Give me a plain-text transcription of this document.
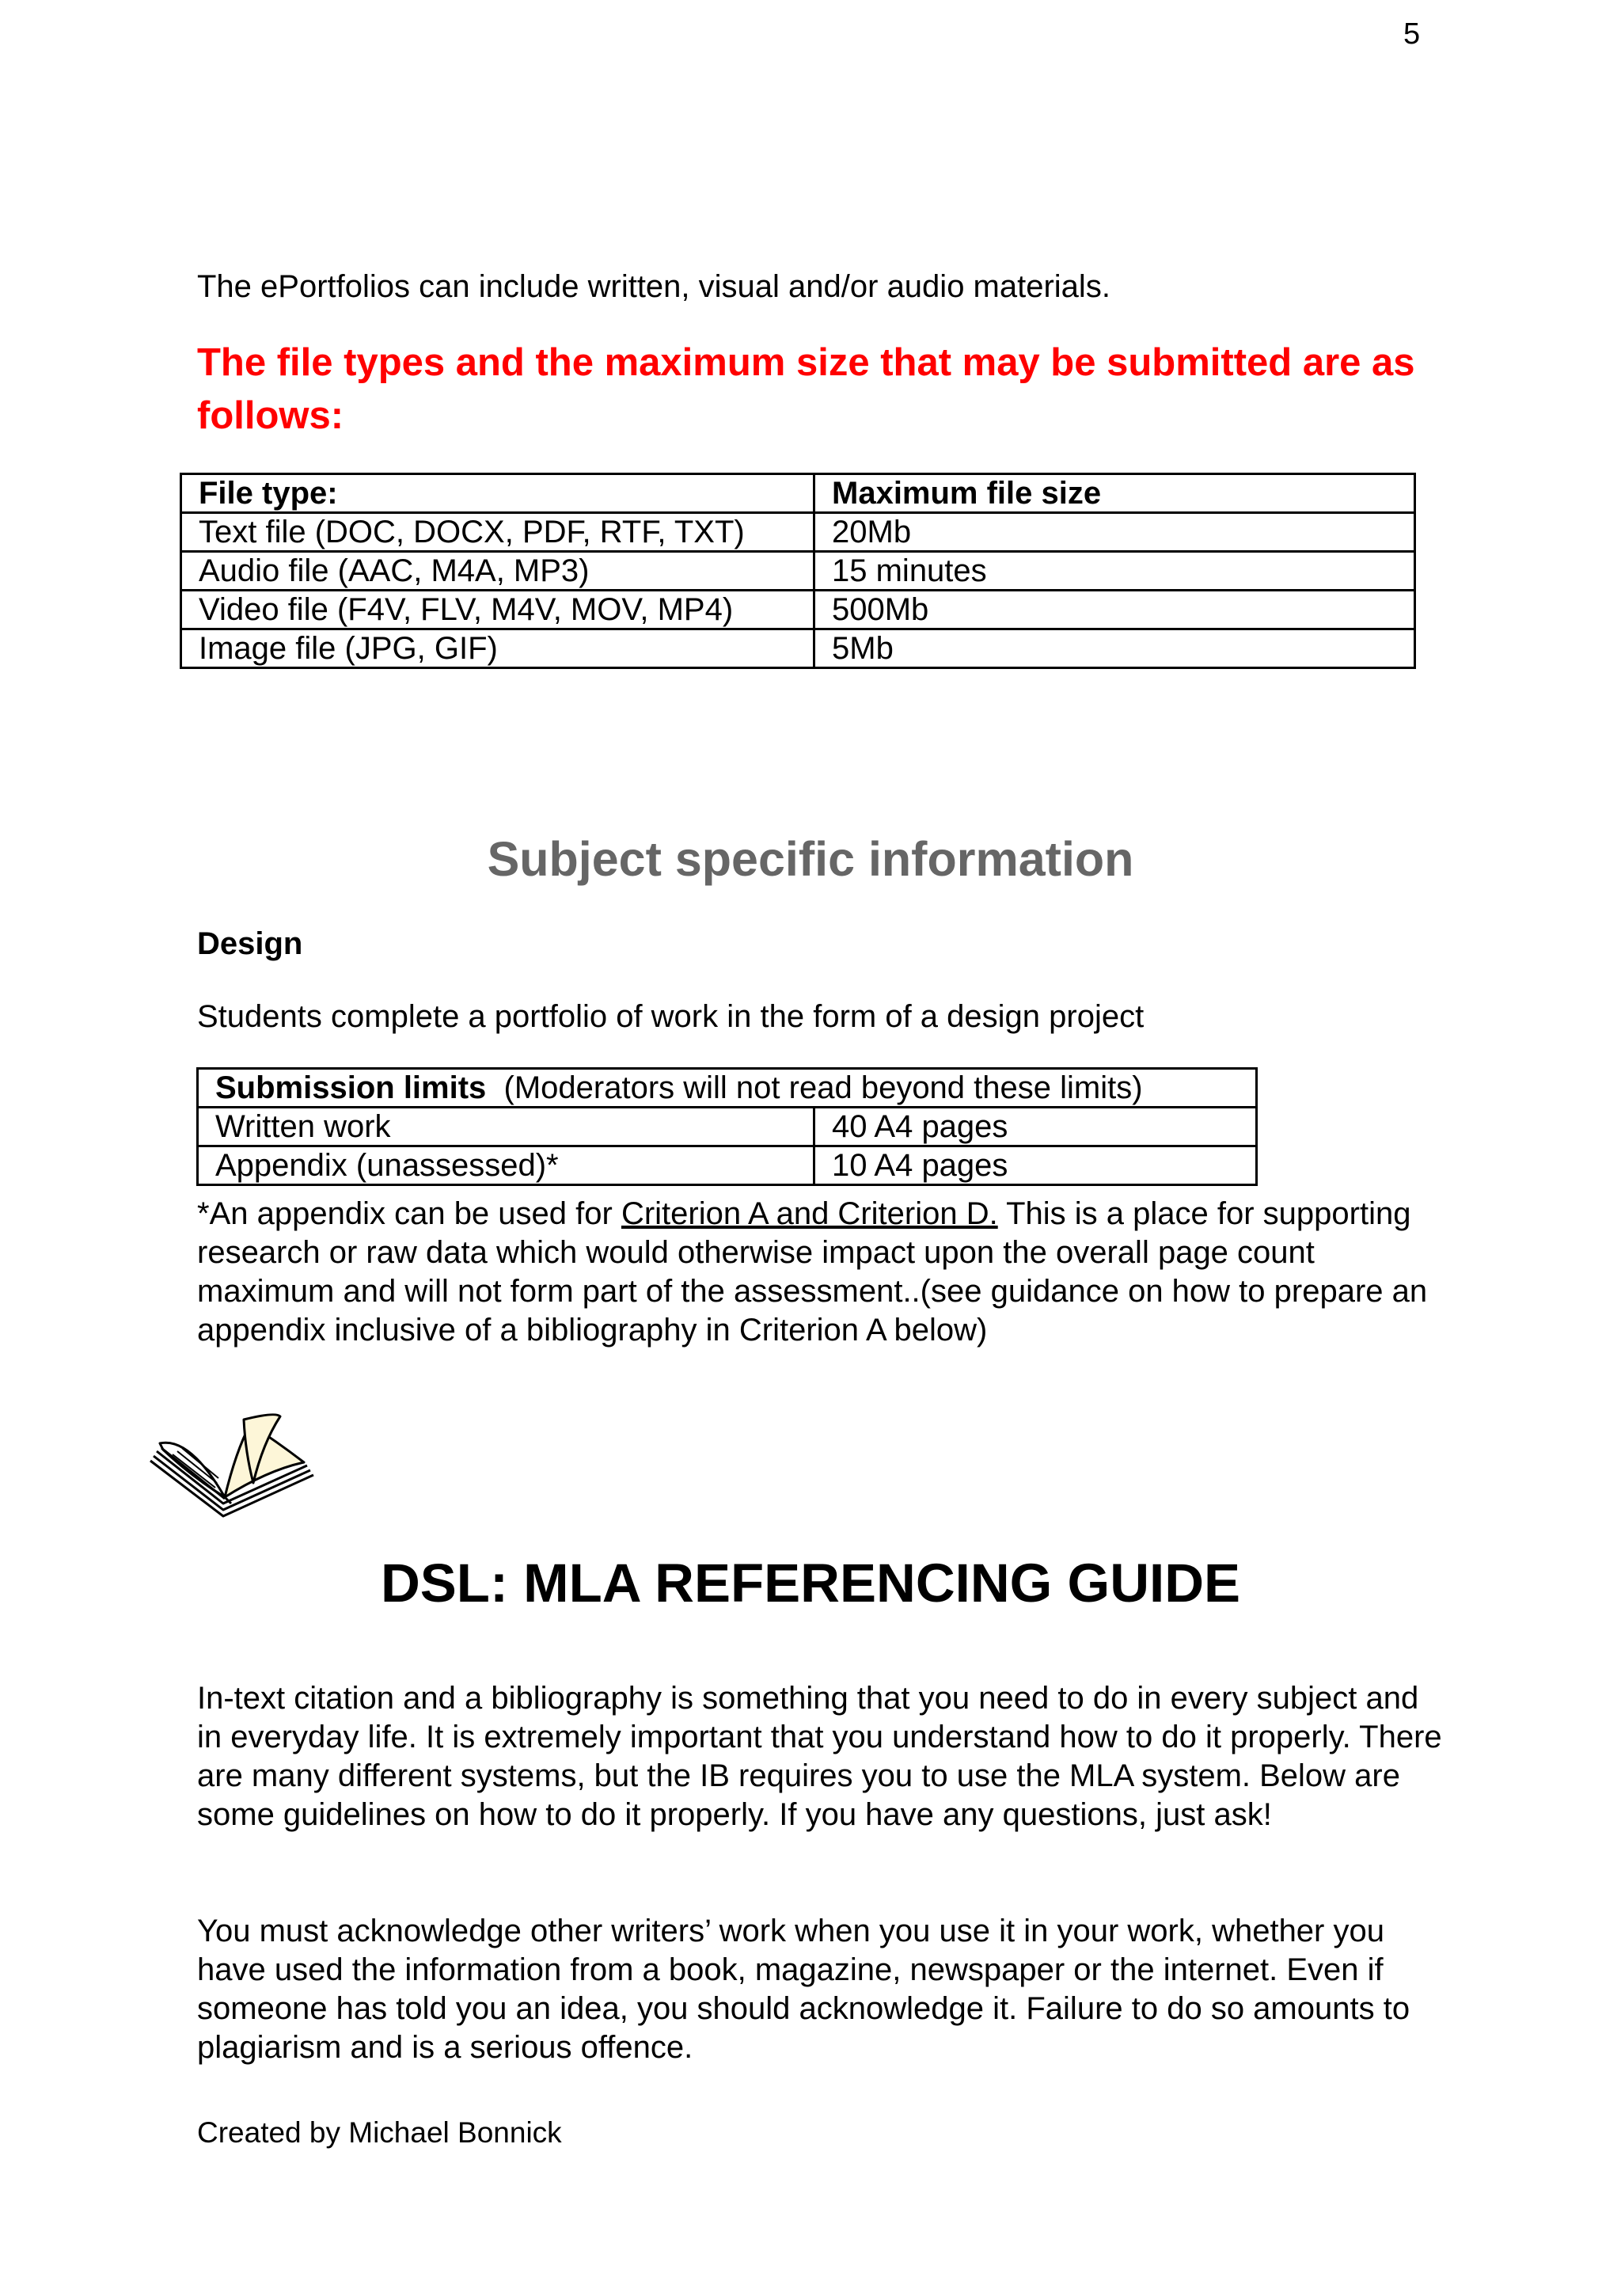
5
The ePortfolios can include written, visual and/or audio materials.
The file types and the maximum size that may be submitted are as follows:
File type:	Maximum file size
Text file (DOC, DOCX, PDF, RTF, TXT)	20Mb
Audio file (AAC, M4A, MP3)	15 minutes
Video file (F4V, FLV, M4V, MOV, MP4)	500Mb
Image file (JPG, GIF)	5Mb
Subject specific information
Design
Students complete a portfolio of work in the form of a design project
Submission limits (Moderators will not read beyond these limits)	
Written work	40 A4 pages
Appendix (unassessed)*	10 A4 pages
*An appendix can be used for Criterion A and Criterion D. This is a place for supporting research or raw data which would otherwise impact upon the overall page count maximum and will not form part of the assessment..(see guidance on how to prepare an appendix inclusive of a bibliography in Criterion A below)
DSL: MLA REFERENCING GUIDE
In-text citation and a bibliography is something that you need to do in every subject and in everyday life. It is extremely important that you understand how to do it properly. There are many different systems, but the IB requires you to use the MLA system. Below are some guidelines on how to do it properly. If you have any questions, just ask!
You must acknowledge other writers’ work when you use it in your work, whether you have used the information from a book, magazine, newspaper or the internet. Even if someone has told you an idea, you should acknowledge it. Failure to do so amounts to plagiarism and is a serious offence.
Created by Michael Bonnick
